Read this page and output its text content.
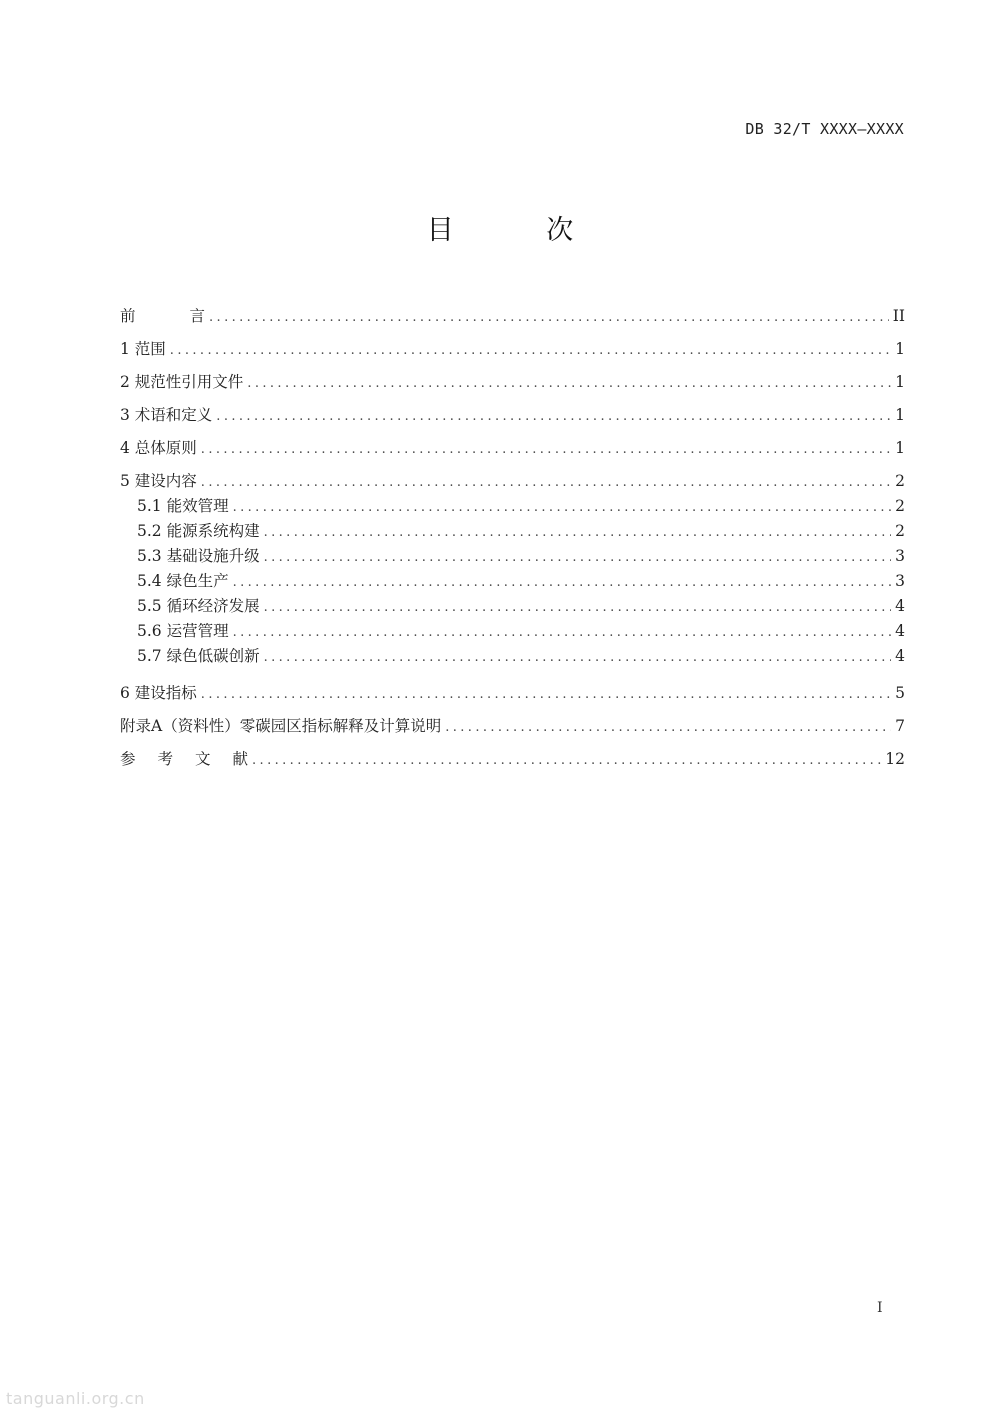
DB 32/T XXXX—XXXX
目 次
前言 .....	II
1 范围 .....	1
2 规范性引用文件 .....	1
3 术语和定义 .....	1
4 总体原则 .....	1
5 建设内容 .....	2
5.1 能效管理 .....	2
5.2 能源系统构建 .....	2
5.3 基础设施升级 .....	3
5.4 绿色生产 .....	3
5.5 循环经济发展 .....	4
5.6 运营管理 .....	4
5.7 绿色低碳创新 .....	4
6 建设指标 .....	5
附录A（资料性）零碳园区指标解释及计算说明 .....	7
参考文献 .....	12
I
tanguanli.org.cn
